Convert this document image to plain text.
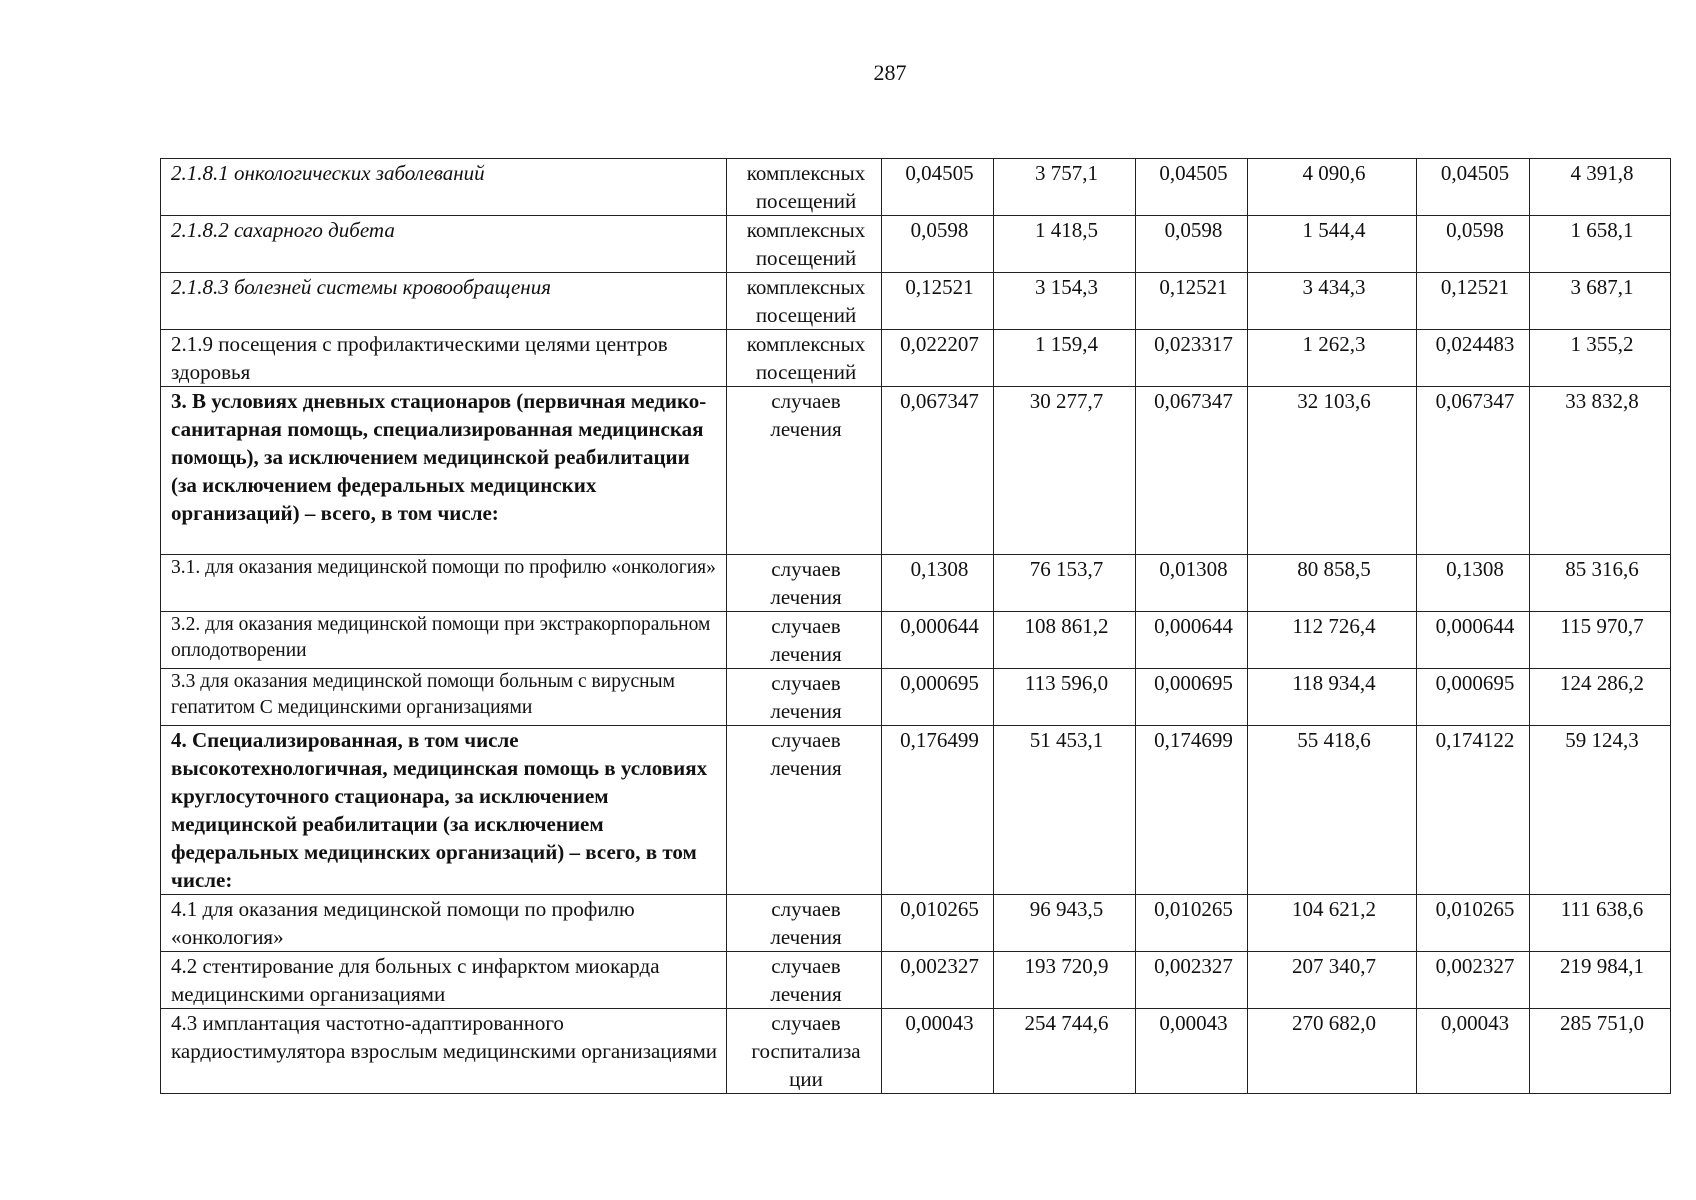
287
2.1.8.1 онкологических заболеваний	комплексных посещений	0,04505	3 757,1	0,04505	4 090,6	0,04505	4 391,8
2.1.8.2 сахарного дибета	комплексных посещений	0,0598	1 418,5	0,0598	1 544,4	0,0598	1 658,1
2.1.8.3 болезней системы кровообращения	комплексных посещений	0,12521	3 154,3	0,12521	3 434,3	0,12521	3 687,1
2.1.9 посещения с профилактическими целями центров здоровья	комплексных посещений	0,022207	1 159,4	0,023317	1 262,3	0,024483	1 355,2
3. В условиях дневных стационаров (первичная медико- санитарная помощь, специализированная медицинская помощь), за исключением медицинской реабилитации (за исключением федеральных медицинских организаций) – всего, в том числе:	случаев лечения	0,067347	30 277,7	0,067347	32 103,6	0,067347	33 832,8
3.1. для оказания медицинской помощи по профилю «онкология»	случаев лечения	0,1308	76 153,7	0,01308	80 858,5	0,1308	85 316,6
3.2. для оказания медицинской помощи при экстракорпоральном оплодотворении	случаев лечения	0,000644	108 861,2	0,000644	112 726,4	0,000644	115 970,7
3.3 для оказания медицинской помощи больным с вирусным гепатитом С медицинскими организациями	случаев лечения	0,000695	113 596,0	0,000695	118 934,4	0,000695	124 286,2
4. Специализированная, в том числе высокотехнологичная, медицинская помощь в условиях круглосуточного стационара, за исключением медицинской реабилитации (за исключением федеральных медицинских организаций) – всего, в том числе:	случаев лечения	0,176499	51 453,1	0,174699	55 418,6	0,174122	59 124,3
4.1 для оказания медицинской помощи по профилю «онкология»	случаев лечения	0,010265	96 943,5	0,010265	104 621,2	0,010265	111 638,6
4.2 стентирование для больных с инфарктом миокарда медицинскими организациями	случаев лечения	0,002327	193 720,9	0,002327	207 340,7	0,002327	219 984,1
4.3 имплантация частотно-адаптированного кардиостимулятора взрослым медицинскими организациями	случаев госпитализа ции	0,00043	254 744,6	0,00043	270 682,0	0,00043	285 751,0
